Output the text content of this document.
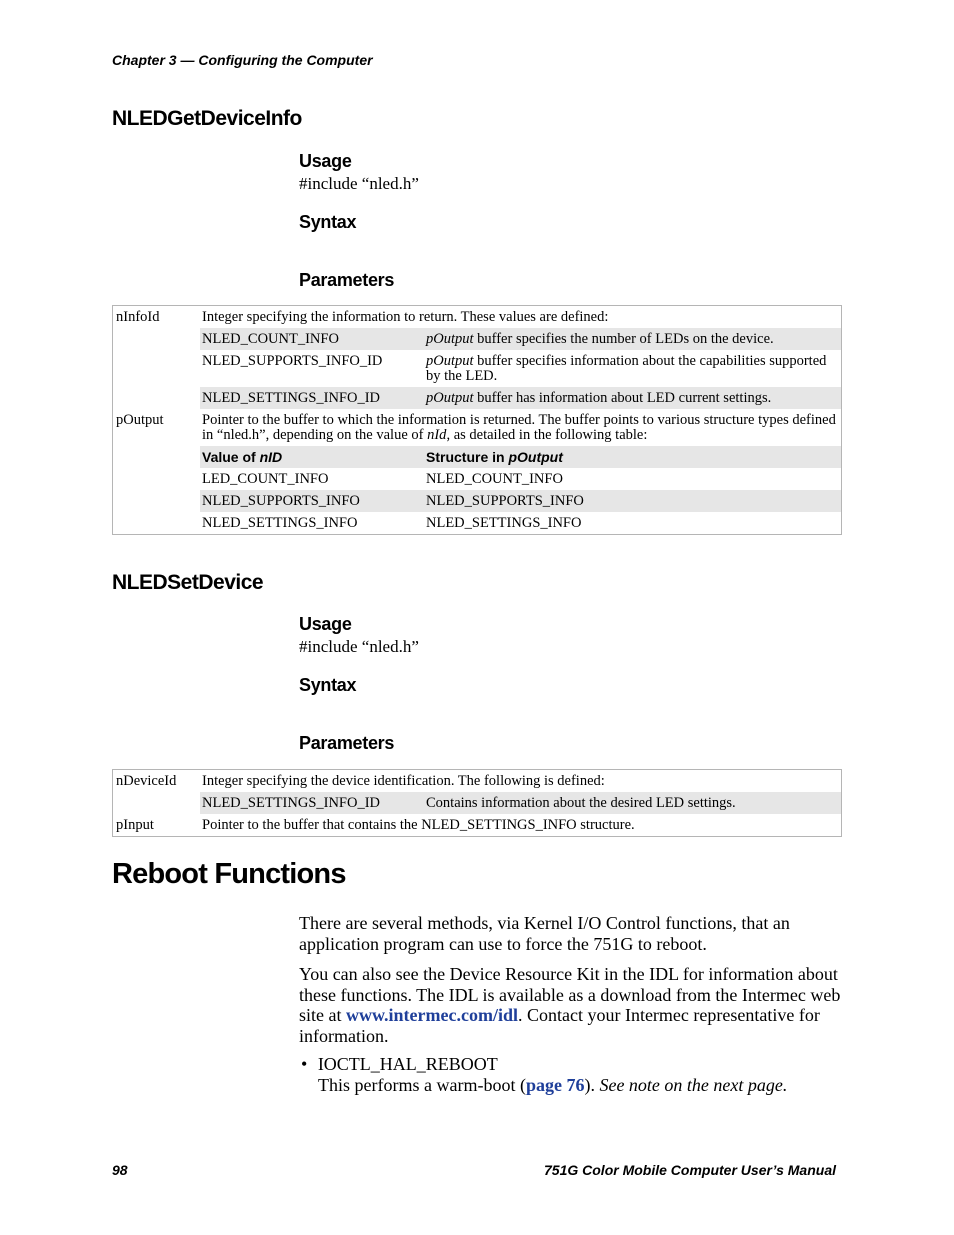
Chapter 3 — Configuring the Computer
NLEDGetDeviceInfo
Usage
#include “nled.h”
Syntax
Parameters
nInfoId	Integer specifying the information to return. These values are defined:	
	NLED_COUNT_INFO	pOutput buffer specifies the number of LEDs on the device.
	NLED_SUPPORTS_INFO_ID	pOutput buffer specifies information about the capabilities supported by the LED.
	NLED_SETTINGS_INFO_ID	pOutput buffer has information about LED current settings.
pOutput	Pointer to the buffer to which the information is returned. The buffer points to various structure types defined in “nled.h”, depending on the value of nId, as detailed in the following table:	
	Value of nID	Structure in pOutput
	LED_COUNT_INFO	NLED_COUNT_INFO
	NLED_SUPPORTS_INFO	NLED_SUPPORTS_INFO
	NLED_SETTINGS_INFO	NLED_SETTINGS_INFO
NLEDSetDevice
Usage
#include “nled.h”
Syntax
Parameters
nDeviceId	Integer specifying the device identification. The following is defined:	
	NLED_SETTINGS_INFO_ID	Contains information about the desired LED settings.
pInput	Pointer to the buffer that contains the NLED_SETTINGS_INFO structure.	
Reboot Functions
There are several methods, via Kernel I/O Control functions, that an application program can use to force the 751G to reboot.
You can also see the Device Resource Kit in the IDL for information about these functions. The IDL is available as a download from the Intermec web site at www.intermec.com/idl. Contact your Intermec representative for information.
• IOCTL_HAL_REBOOT
This performs a warm-boot (page 76). See note on the next page.
98	751G Color Mobile Computer User’s Manual
